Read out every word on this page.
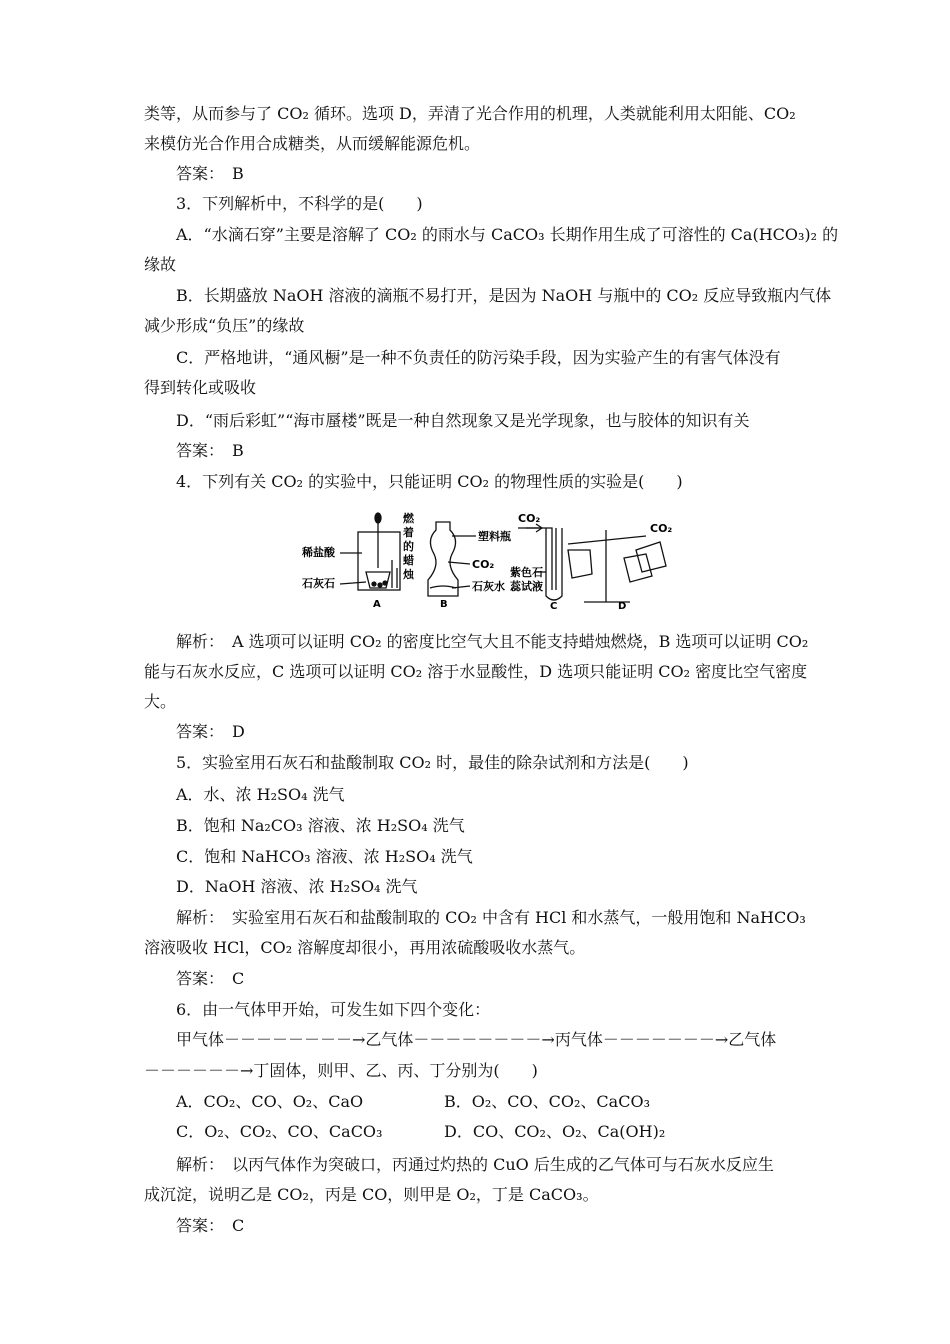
类等，从而参与了 CO₂ 循环。选项 D，弄清了光合作用的机理，人类就能利用太阳能、CO₂
来模仿光合作用合成糖类，从而缓解能源危机。
答案：　B
3．下列解析中，不科学的是(　　)
A．“水滴石穿”主要是溶解了 CO₂ 的雨水与 CaCO₃ 长期作用生成了可溶性的 Ca(HCO₃)₂ 的
缘故
B．长期盛放 NaOH 溶液的滴瓶不易打开，是因为 NaOH 与瓶中的 CO₂ 反应导致瓶内气体
减少形成“负压”的缘故
C．严格地讲，“通风橱”是一种不负责任的防污染手段，因为实验产生的有害气体没有
得到转化或吸收
D．“雨后彩虹”“海市蜃楼”既是一种自然现象又是光学现象，也与胶体的知识有关
答案：　B
4．下列有关 CO₂ 的实验中，只能证明 CO₂ 的物理性质的实验是(　　)
稀盐酸
石灰石
燃
着
的
蜡
烛
A
塑料瓶
CO₂
石灰水
B
CO₂
紫色石
蕊试液
C
CO₂
D
解析：　A 选项可以证明 CO₂ 的密度比空气大且不能支持蜡烛燃烧，B 选项可以证明 CO₂
能与石灰水反应，C 选项可以证明 CO₂ 溶于水显酸性，D 选项只能证明 CO₂ 密度比空气密度
大。
答案：　D
5．实验室用石灰石和盐酸制取 CO₂ 时，最佳的除杂试剂和方法是(　　)
A．水、浓 H₂SO₄ 洗气
B．饱和 Na₂CO₃ 溶液、浓 H₂SO₄ 洗气
C．饱和 NaHCO₃ 溶液、浓 H₂SO₄ 洗气
D．NaOH 溶液、浓 H₂SO₄ 洗气
解析：　实验室用石灰石和盐酸制取的 CO₂ 中含有 HCl 和水蒸气，一般用饱和 NaHCO₃
溶液吸收 HCl，CO₂ 溶解度却很小，再用浓硫酸吸收水蒸气。
答案：　C
6．由一气体甲开始，可发生如下四个变化：
甲气体－－－－－－－－→乙气体－－－－－－－－→丙气体－－－－－－－→乙气体
－－－－－－→丁固体，则甲、乙、丙、丁分别为(　　)
A．CO₂、CO、O₂、CaO	B．O₂、CO、CO₂、CaCO₃
C．O₂、CO₂、CO、CaCO₃	D．CO、CO₂、O₂、Ca(OH)₂
解析：　以丙气体作为突破口，丙通过灼热的 CuO 后生成的乙气体可与石灰水反应生
成沉淀，说明乙是 CO₂，丙是 CO，则甲是 O₂，丁是 CaCO₃。
答案：　C
